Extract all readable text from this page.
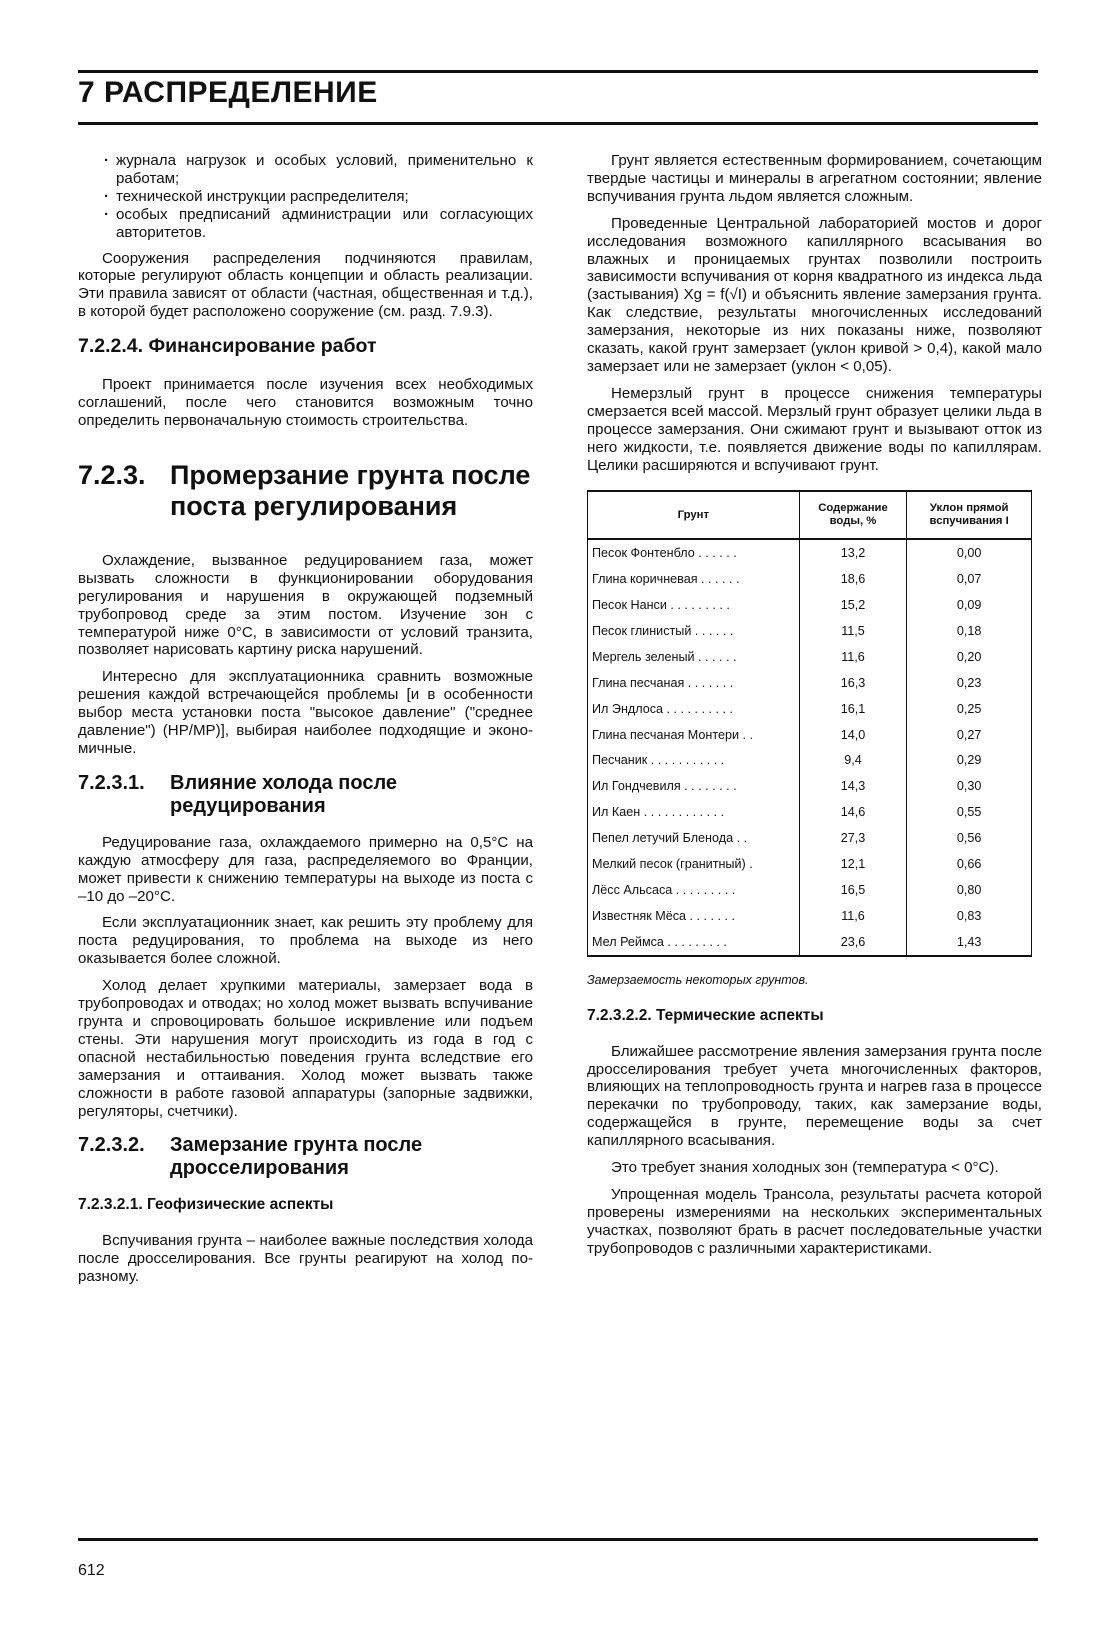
7 РАСПРЕДЕЛЕНИЕ
· журнала нагрузок и особых условий, применительно к работам;
· технической инструкции распределителя;
· особых предписаний администрации или согласующих авторитетов.

Сооружения распределения подчиняются правилам, которые регулируют область концепции и область реализации. Эти правила зависят от области (частная, общественная и т.д.), в которой будет расположено сооружение (см. разд. 7.9.3).

7.2.2.4. Финансирование работ

Проект принимается после изучения всех необходимых соглашений, после чего становится возможным точно определить первоначальную стоимость строительства.

7.2.3. Промерзание грунта после поста регулирования

Охлаждение, вызванное редуцированием газа, может вызвать сложности в функционировании оборудования регулирования и нарушения в окружающей подземный трубопровод среде за этим постом. Изучение зон с температурой ниже 0°C, в зависимости от условий транзита, позволяет нарисовать картину риска нарушений.

Интересно для эксплуатационника сравнить возможные решения каждой встречающейся проблемы [и в особенности выбор места установки поста "высокое давление" ("среднее давление") (HP/MP)], выбирая наиболее подходящие и экономичные.

7.2.3.1.	Влияние холода после редуцирования

Редуцирование газа, охлаждаемого примерно на 0,5°C на каждую атмосферу для газа, распределяемого во Франции, может привести к снижению температуры на выходе из поста с –10 до –20°C.

Если эксплуатационник знает, как решить эту проблему для поста редуцирования, то проблема на выходе из него оказывается более сложной.

Холод делает хрупкими материалы, замерзает вода в трубопроводах и отводах; но холод может вызвать вспучивание грунта и спровоцировать большое искривление или подъем стены. Эти нарушения могут происходить из года в год с опасной нестабильностью поведения грунта вследствие его замерзания и оттаивания. Холод может вызвать также сложности в работе газовой аппаратуры (запорные задвижки, регуляторы, счетчики).

7.2.3.2.	Замерзание грунта после дросселирования
7.2.3.2.1. Геофизические аспекты

Вспучивания грунта – наиболее важные последствия холода после дросселирования. Все грунты реагируют на холод по-разному.

Грунт является естественным формированием, сочетающим твердые частицы и минералы в агрегатном состоянии; явление вспучивания грунта льдом является сложным.

Проведенные Центральной лабораторией мостов и дорог исследования возможного капиллярного всасывания во влажных и проницаемых грунтах позволили построить зависимости вспучивания от корня квадратного из индекса льда (застывания) Xg = f(√I) и объяснить явление замерзания грунта. Как следствие, результаты многочисленных исследований замерзания, некоторые из них показаны ниже, позволяют сказать, какой грунт замерзает (уклон кривой > 0,4), какой мало замерзает или не замерзает (уклон < 0,05).

Немерзлый грунт в процессе снижения температуры смерзается всей массой. Мерзлый грунт образует целики льда в процессе замерзания. Они сжимают грунт и вызывают отток из него жидкости, т.е. появляется движение воды по капиллярам. Целики расширяются и вспучивают грунт.

Грунт	Содержание воды, %	Уклон прямой вспучивания I
Песок Фонтенбло . . . . . .	13,2	0,00
Глина коричневая . . . . . .	18,6	0,07
Песок Нанси . . . . . . . . .	15,2	0,09
Песок глинистый . . . . . .	11,5	0,18
Мергель зеленый . . . . . .	11,6	0,20
Глина песчаная . . . . . . .	16,3	0,23
Ил Эндлоса . . . . . . . . . .	16,1	0,25
Глина песчаная Монтери . .	14,0	0,27
Песчаник . . . . . . . . . . .	9,4	0,29
Ил Гондчевиля . . . . . . . .	14,3	0,30
Ил Каен . . . . . . . . . . . .	14,6	0,55
Пепел летучий Бленода . .	27,3	0,56
Мелкий песок (гранитный) .	12,1	0,66
Лёсс Альсаса . . . . . . . . .	16,5	0,80
Известняк Мёса . . . . . . .	11,6	0,83
Мел Реймса . . . . . . . . .	23,6	1,43
Замерзаемость некоторых грунтов.
7.2.3.2.2. Термические аспекты

Ближайшее рассмотрение явления замерзания грунта после дросселирования требует учета многочисленных факторов, влияющих на теплопроводность грунта и нагрев газа в процессе перекачки по трубопроводу, таких, как замерзание воды, содержащейся в грунте, перемещение воды за счет капиллярного всасывания.

Это требует знания холодных зон (температура < 0°C).

Упрощенная модель Трансола, результаты расчета которой проверены измерениями на нескольких экспериментальных участках, позволяют брать в расчет последовательные участки трубопроводов с различными характеристиками.

612
